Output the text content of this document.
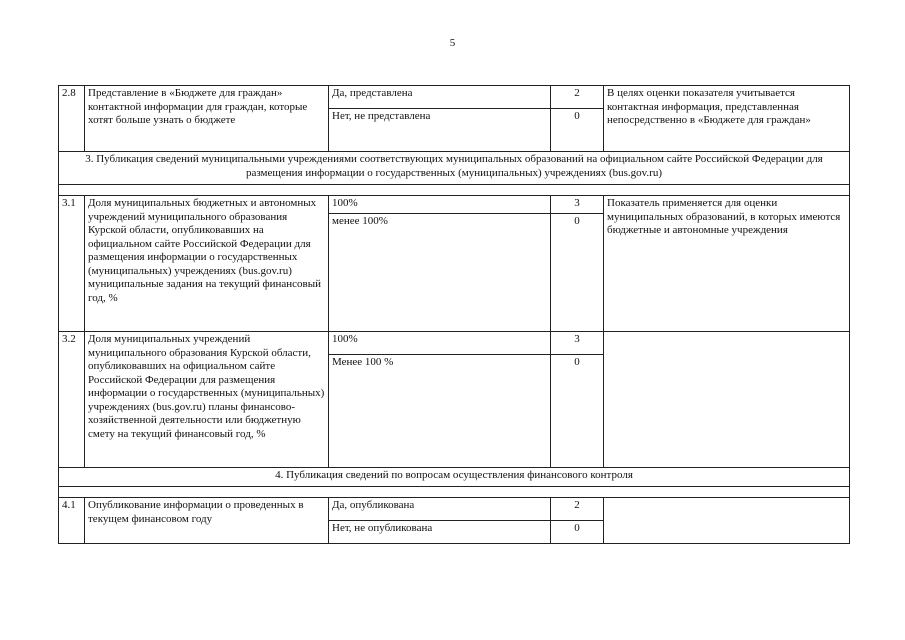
5
2.8	Представление в «Бюджете для граждан» контактной информации для граждан, которые хотят больше узнать о бюджете	Да, представлена	2	В целях оценки показателя учитывается контактная информация, представленная непосредственно в «Бюджете для граждан»
		Нет, не представлена	0	
3. Публикация сведений муниципальными учреждениями соответствующих муниципальных образований на официальном сайте Российской Федерации для размещения информации о государственных (муниципальных) учреждениях (bus.gov.ru)				

3.1	Доля муниципальных бюджетных и автономных учреждений муниципального образования Курской области, опубликовавших на официальном сайте Российской Федерации для размещения информации о государственных (муниципальных) учреждениях (bus.gov.ru) муниципальные задания на текущий финансовый год, %	100%	3	Показатель применяется для оценки муниципальных образований, в которых имеются бюджетные и автономные учреждения
		менее 100%	0	
3.2	Доля муниципальных учреждений муниципального образования Курской области, опубликовавших на официальном сайте Российской Федерации для размещения информации о государственных (муниципальных) учреждениях (bus.gov.ru) планы финансово-хозяйственной деятельности или бюджетную смету на текущий финансовый год, %	100%	3	
		Менее 100 %	0	
4. Публикация сведений по вопросам осуществления финансового контроля				

4.1	Опубликование информации о проведенных в текущем финансовом году	Да, опубликована	2	
		Нет, не опубликована	0	
